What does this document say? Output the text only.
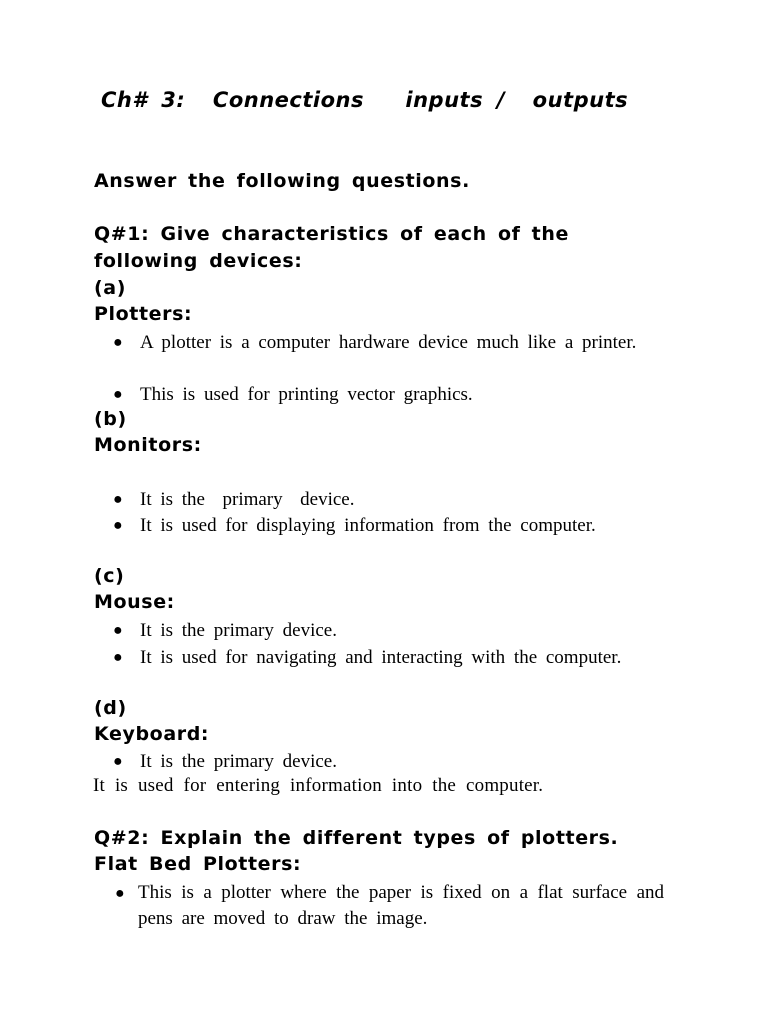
Ch# 3:  Connections   inputs /  outputs
Answer the following questions.
Q#1: Give characteristics of each of the
following devices:
(a)
Plotters:
● A plotter is a computer hardware device much like a printer.
● This is used for printing vector graphics.
(b)
Monitors:
● It is the  primary  device.
● It is used for displaying information from the computer.
(c)
Mouse:
● It is the primary device.
● It is used for navigating and interacting with the computer.
(d)
Keyboard:
● It is the primary device.
It is used for entering information into the computer.
Q#2: Explain the different types of plotters.
Flat Bed Plotters:
● This is a plotter where the paper is fixed on a flat surface and pens are moved to draw the image.
